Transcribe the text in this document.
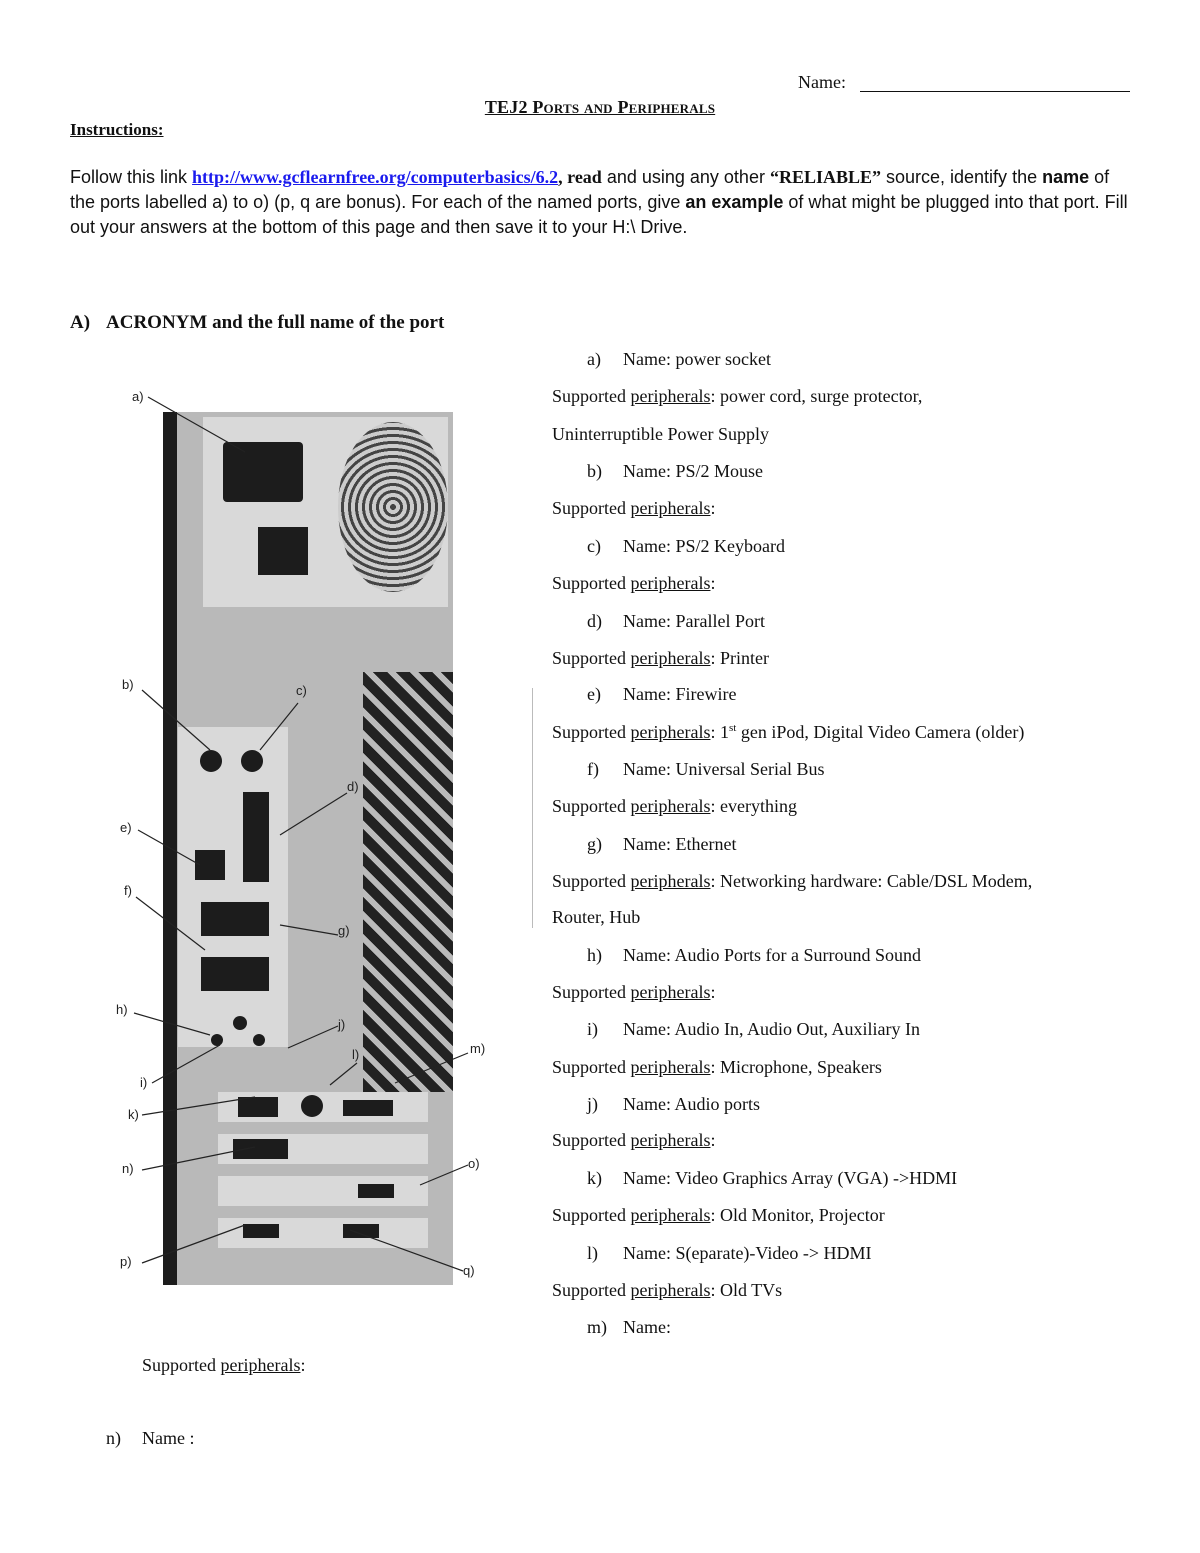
Name:
TEJ2 Ports and Peripherals
Instructions:
Follow this link http://www.gcflearnfree.org/computerbasics/6.2, read and using any other “RELIABLE” source, identify the name of the ports labelled a) to o) (p, q are bonus). For each of the named ports, give an example of what might be plugged into that port. Fill out your answers at the bottom of this page and then save it to your H:\ Drive.
A) ACRONYM and the full name of the port
a)
b)	c)
d)
e)
f)
g)
h)
i)
j)
k)
l)	m)
n)	o)
p)
q)
a) Name: power socket
Supported peripherals: power cord, surge protector,
Uninterruptible Power Supply
b) Name: PS/2 Mouse
Supported peripherals:
c) Name: PS/2 Keyboard
Supported peripherals:
d) Name: Parallel Port
Supported peripherals: Printer
e) Name: Firewire
Supported peripherals: 1st gen iPod, Digital Video Camera (older)
f) Name: Universal Serial Bus
Supported peripherals: everything
g) Name: Ethernet
Supported peripherals: Networking hardware: Cable/DSL Modem,
Router, Hub
h) Name: Audio Ports for a Surround Sound
Supported peripherals:
i) Name: Audio In, Audio Out, Auxiliary In
Supported peripherals: Microphone, Speakers
j) Name: Audio ports
Supported peripherals:
k) Name: Video Graphics Array (VGA) ->HDMI
Supported peripherals: Old Monitor, Projector
l) Name: S(eparate)-Video -> HDMI
Supported peripherals: Old TVs
m) Name:
Supported peripherals:
n) Name :
